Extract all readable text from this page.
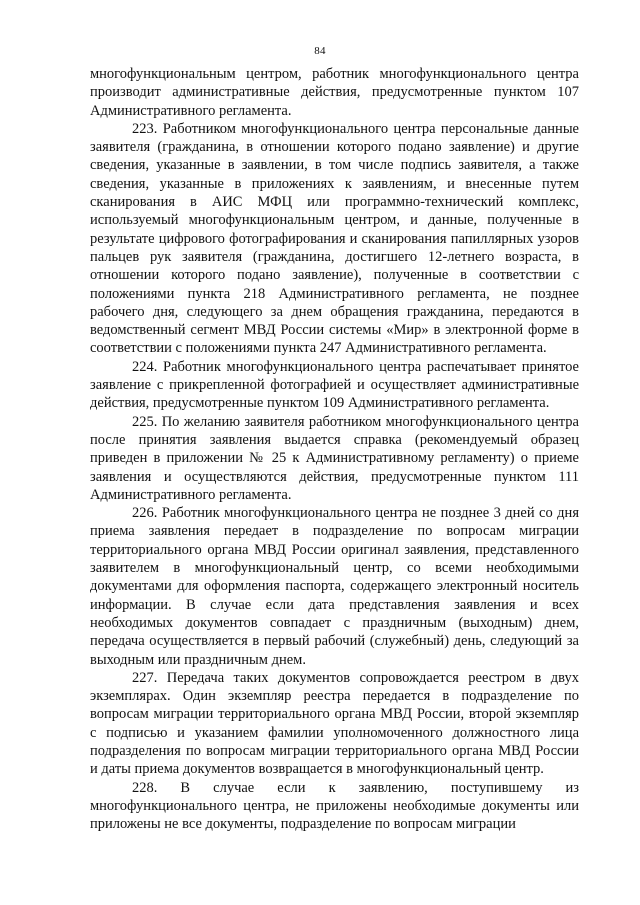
84

многофункциональным центром, работник многофункционального центра производит административные действия, предусмотренные пунктом 107 Административного регламента.

223. Работником многофункционального центра персональные данные заявителя (гражданина, в отношении которого подано заявление) и другие сведения, указанные в заявлении, в том числе подпись заявителя, а также сведения, указанные в приложениях к заявлениям, и внесенные путем сканирования в АИС МФЦ или программно-технический комплекс, используемый многофункциональным центром, и данные, полученные в результате цифрового фотографирования и сканирования папиллярных узоров пальцев рук заявителя (гражданина, достигшего 12-летнего возраста, в отношении которого подано заявление), полученные в соответствии с положениями пункта 218 Административного регламента, не позднее рабочего дня, следующего за днем обращения гражданина, передаются в ведомственный сегмент МВД России системы «Мир» в электронной форме в соответствии с положениями пункта 247 Административного регламента.

224. Работник многофункционального центра распечатывает принятое заявление с прикрепленной фотографией и осуществляет административные действия, предусмотренные пунктом 109 Административного регламента.

225. По желанию заявителя работником многофункционального центра после принятия заявления выдается справка (рекомендуемый образец приведен в приложении № 25 к Административному регламенту) о приеме заявления и осуществляются действия, предусмотренные пунктом 111 Административного регламента.

226. Работник многофункционального центра не позднее 3 дней со дня приема заявления передает в подразделение по вопросам миграции территориального органа МВД России оригинал заявления, представленного заявителем в многофункциональный центр, со всеми необходимыми документами для оформления паспорта, содержащего электронный носитель информации. В случае если дата представления заявления и всех необходимых документов совпадает с праздничным (выходным) днем, передача осуществляется в первый рабочий (служебный) день, следующий за выходным или праздничным днем.

227. Передача таких документов сопровождается реестром в двух экземплярах. Один экземпляр реестра передается в подразделение по вопросам миграции территориального органа МВД России, второй экземпляр с подписью и указанием фамилии уполномоченного должностного лица подразделения по вопросам миграции территориального органа МВД России и даты приема документов возвращается в многофункциональный центр.

228. В случае если к заявлению, поступившему из многофункционального центра, не приложены необходимые документы или приложены не все документы, подразделение по вопросам миграции
